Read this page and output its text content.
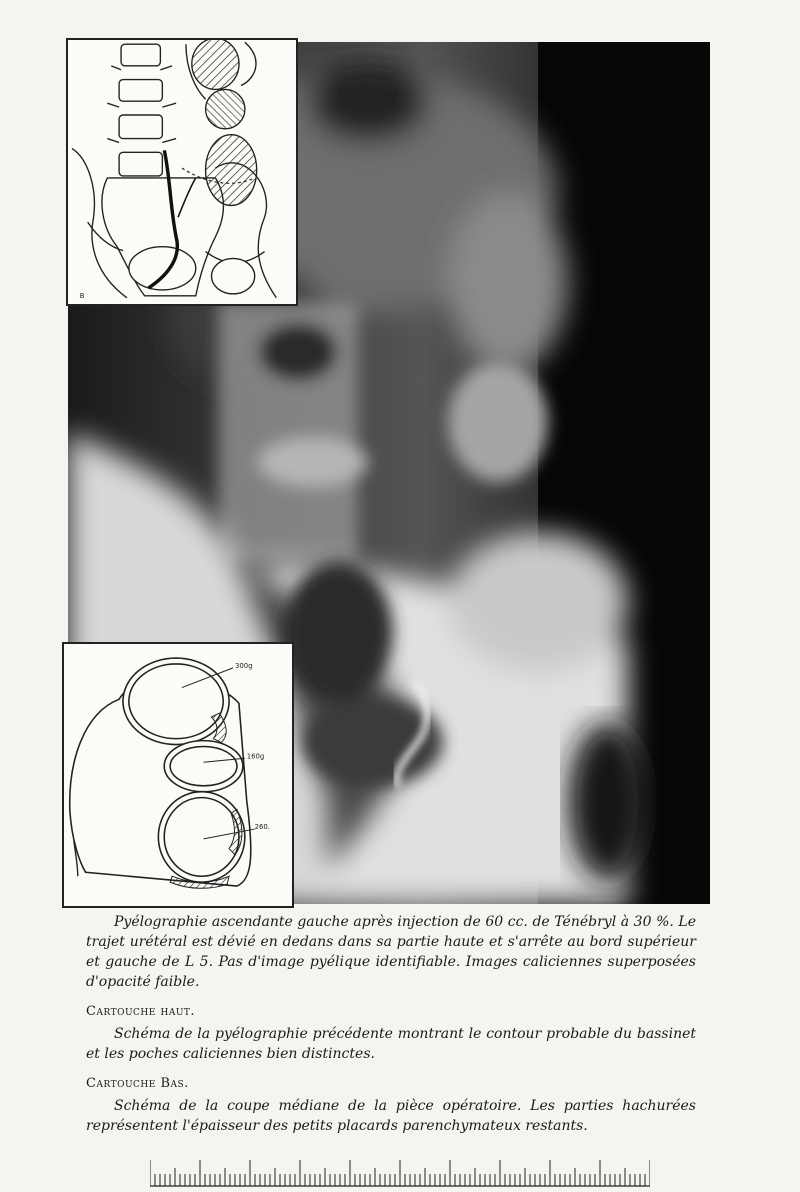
B
300g
160g
260.

Pyélographie ascendante gauche après injection de 60 cc. de Ténébryl à 30 %. Le trajet urétéral est dévié en dedans dans sa partie haute et s'arrête au bord supérieur et gauche de L 5. Pas d'image pyélique identifiable. Images caliciennes superposées d'opacité faible.

Cartouche haut.

Schéma de la pyélographie précédente montrant le contour probable du bassinet et les poches caliciennes bien distinctes.

Cartouche Bas.

Schéma de la coupe médiane de la pièce opératoire. Les parties hachurées représentent l'épaisseur des petits placards parenchymateux restants.
